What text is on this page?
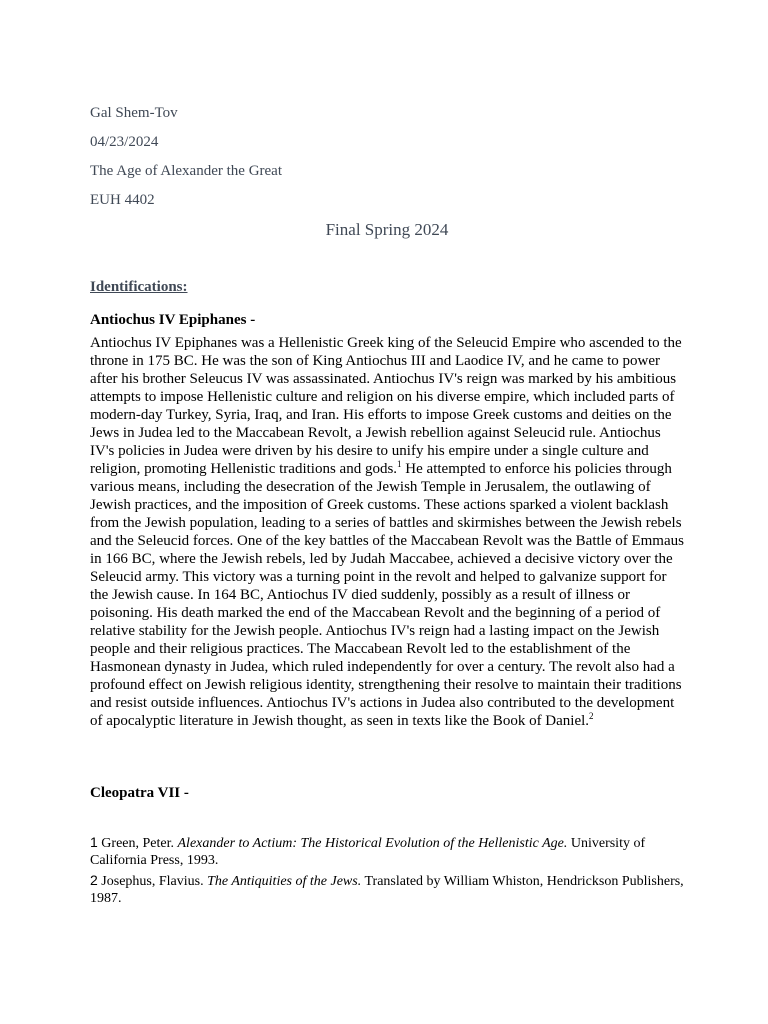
Gal Shem-Tov

04/23/2024

The Age of Alexander the Great

EUH 4402

Final Spring 2024

Identifications:

Antiochus IV Epiphanes -

Antiochus IV Epiphanes was a Hellenistic Greek king of the Seleucid Empire who ascended to the throne in 175 BC. He was the son of King Antiochus III and Laodice IV, and he came to power after his brother Seleucus IV was assassinated. Antiochus IV's reign was marked by his ambitious attempts to impose Hellenistic culture and religion on his diverse empire, which included parts of modern-day Turkey, Syria, Iraq, and Iran. His efforts to impose Greek customs and deities on the Jews in Judea led to the Maccabean Revolt, a Jewish rebellion against Seleucid rule. Antiochus IV's policies in Judea were driven by his desire to unify his empire under a single culture and religion, promoting Hellenistic traditions and gods.$^1$ He attempted to enforce his policies through various means, including the desecration of the Jewish Temple in Jerusalem, the outlawing of Jewish practices, and the imposition of Greek customs. These actions sparked a violent backlash from the Jewish population, leading to a series of battles and skirmishes between the Jewish rebels and the Seleucid forces. One of the key battles of the Maccabean Revolt was the Battle of Emmaus in 166 BC, where the Jewish rebels, led by Judah Maccabee, achieved a decisive victory over the Seleucid army. This victory was a turning point in the revolt and helped to galvanize support for the Jewish cause. In 164 BC, Antiochus IV died suddenly, possibly as a result of illness or poisoning. His death marked the end of the Maccabean Revolt and the beginning of a period of relative stability for the Jewish people. Antiochus IV's reign had a lasting impact on the Jewish people and their religious practices. The Maccabean Revolt led to the establishment of the Hasmonean dynasty in Judea, which ruled independently for over a century. The revolt also had a profound effect on Jewish religious identity, strengthening their resolve to maintain their traditions and resist outside influences. Antiochus IV's actions in Judea also contributed to the development of apocalyptic literature in Jewish thought, as seen in texts like the Book of Daniel.$^2$

Cleopatra VII -

1 Green, Peter. Alexander to Actium: The Historical Evolution of the Hellenistic Age. University of California Press, 1993.

2 Josephus, Flavius. The Antiquities of the Jews. Translated by William Whiston, Hendrickson Publishers, 1987.
